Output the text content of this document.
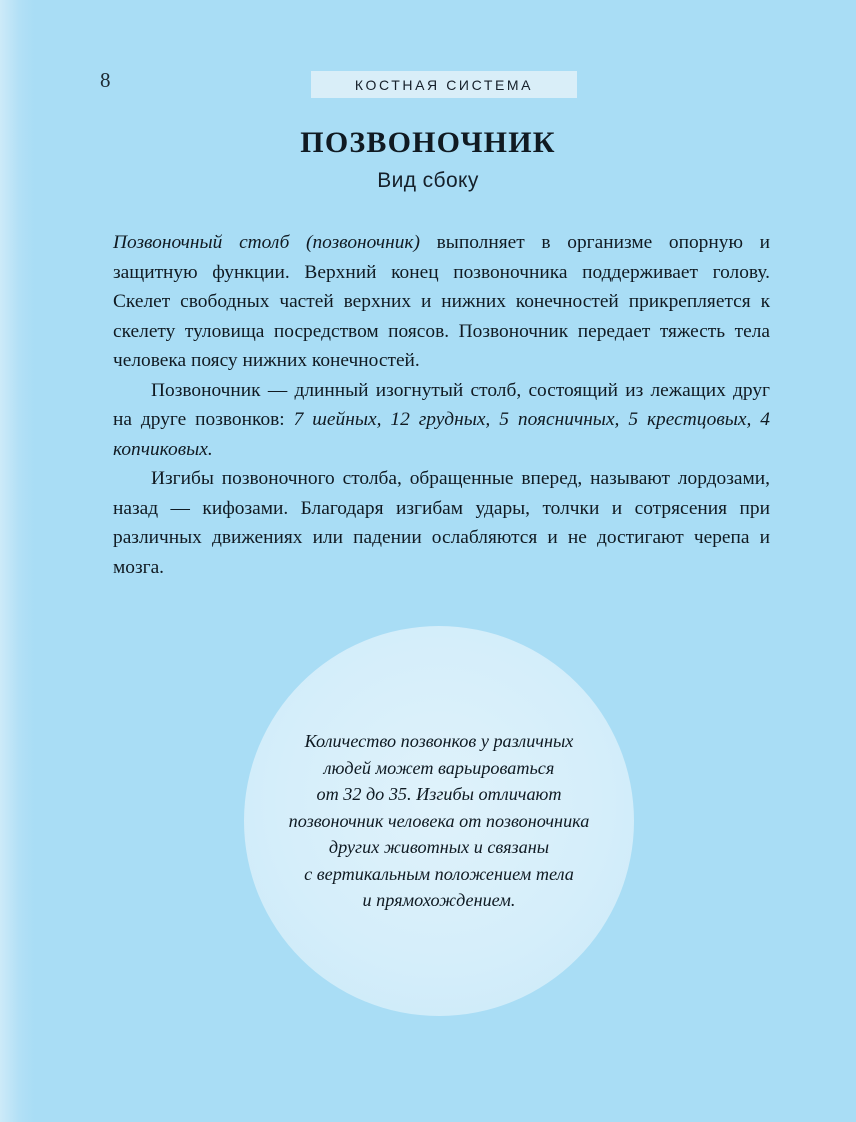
8	КОСТНАЯ СИСТЕМА
ПОЗВОНОЧНИК

Вид сбоку

Позвоночный столб (позвоночник) выполняет в организме опорную и защитную функции. Верхний конец позвоночника поддерживает голову. Скелет свободных частей верхних и нижних конечностей прикрепляется к скелету туловища посредством поясов. Позвоночник передает тяжесть тела человека поясу нижних конечностей.

Позвоночник — длинный изогнутый столб, состоящий из лежащих друг на друге позвонков: 7 шейных, 12 грудных, 5 поясничных, 5 крестцовых, 4 копчиковых.

Изгибы позвоночного столба, обращенные вперед, называют лордозами, назад — кифозами. Благодаря изгибам удары, толчки и сотрясения при различных движениях или падении ослабляются и не достигают черепа и мозга.

Количество позвонков у различных
людей может варьироваться
от 32 до 35. Изгибы отличают
позвоночник человека от позвоночника
других животных и связаны
с вертикальным положением тела
и прямохождением.
